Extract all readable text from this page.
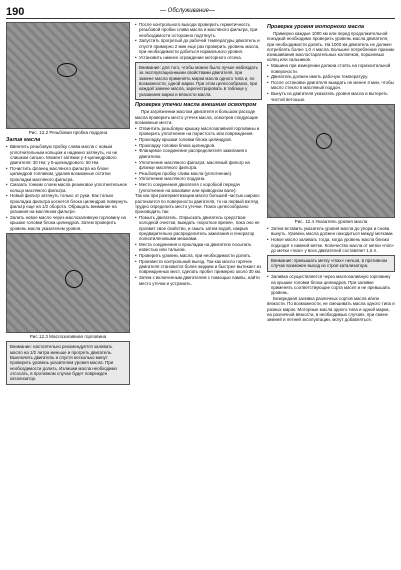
190	— Обслуживание—
Рис. 12.2 Резьбовая пробка поддона
Залив масла

• Ввинтить резьбовую пробку слива масла с новым уплотнительным кольцом и надежно затянуть, но не слишком сильно. Момент затяжки у 4-цилиндрового двигателя: 30 Нм; у 5-цилиндрового: 50 Нм.

• Почистить фланец масляного фильтра на блоке цилиндров топливом, удалив возможные остатки прокладки масляного фильтра.

• Смазать тонким слоем масла резиновое уплотнительное кольцо масляного фильтра.

• Новый фильтр затянуть только от руки. Как только прокладка фильтра коснется блока цилиндров повернуть фильтр еще на 1/2 оборота. Обращать внимание на указания на масляном фильтре.

• Залить новое масло через маслозаливную горловину на крышке головки блока цилиндров. Затем проверить уровень масла указателем уровня.

Рис.12.3 Маслозаливная горловина

Внимание: настоятельно рекомендуется заливать масло на 1/2 литра меньше и прогреть двигатель. Выключить двигатель и спустя несколько минут проверить уровень указателем уровня масла. При необходимости долить. Излишки масла необходимо отсосать, в противном случае будет поврежден катализатор.

• После контрольного выхода проверить герметичность резьбовой пробки слива масла и масляного фильтра, при необходимости осторожно подтянуть.

• Запустить прогретый до рабочей температуры двигатель и спустя примерно 2 мин еще раз проверить уровень масла, при необходимости добиться нормального уровня.

• Установить нижнее ограждение моторного отсека.

Внимание: для того, чтобы можно было лучше наблюдать за эксплуатационными свойствами двигателя, при замене масла применять марки масла одного типа и, по возможности, одной марки. При этом целесообразно, при каждой замене масла, зарегистрировать в таблице у указанием марки и вязкости масла.

Проверка утечки масла внешним осмотром

При загрязнении маслом двигателя и большом расходе масла проверить место утечек масла, осмотрев следующие возможные места:

• Отвинтить резьбовую крышку маслозаливной горловины и проверить уплотнение на пористость или повреждения.

• Прокладку крышки головки блока цилиндров.

• Прокладку головки блока цилиндров.

• Фланцевое соединение распределителя зажигания к двигателю.

• Уплотнение масляного фильтра: масляный фильтр на фланце масляного фильтра.

• Резьбовую пробку слива масла (уплотнение).

• Уплотнение масляного поддона.

• Место соединения двигателя с коробкой передач (уплотнение на маховике или приводном вале).

Так как при разгерметизации масло большей частью широко растекается по поверхности двигателя, то на первый взгляд трудно определить место утечки. Поиск целесообразно производить так:

• Помыть двигатель. Опрыскать двигатель средством холодной очистки, выждать «короткое время», пока оно не проявит свое свойство, и смыть затем водой, накрыв предварительно распределитель зажигания и генератор полиэтиленовыми мешками.

• Места соединения и прокладки на двигателе посыпать известью или тальком.

• Проверить уровень масла, при необходимости долить.

• Произвести контрольный выезд. Так как масло горячее двигателя становится более жидким и быстрее вытекает из поврежденных мест, сделать пробег примерно около 30 км.

• Затем с включенным двигателем с помощью лампы, найти место утечки и устранить.

Проверка уровня моторного масла

Примерно каждые 1000 км или перед продолжительной поездкой необходимо проверить уровень масла двигателя, при необходимости долить. На 1000 км двигатель не должен потреблять более 1,0 л масла. Большее потребление признак изнашивания маслостарательных колпачков, поршневых колец или сальников.

• Машина при измерении должна стоять на горизонтальной поверхности.

• Двигатель должен иметь рабочую температуру.

• После остановки двигателя выждать не менее 3 мин, чтобы масло стекло в масляный поддон.

• Вынуть из двигателя указатель уровня масла и вытереть чистой ветошью.

Рис. 12.4 Указатель уровня масла

• Затем вставить указатель уровня масла до упора и снова вынуть. Уровень масла должен находиться между метками.

• Новое масло заливать тогда, когда уровень масла близко подходит к нижней метке. Количество масла от метки «min» до метки «max» у всех двигателей составляет 1,5 л.

Внимание: превышать метку «max» нельзя, в противном случае возможен выход из строя катализатора.

• Заливка осуществляется через маслозаливную горловину на крышке головки блока цилиндров. При заливке применять соответствующие сорта масел и не превышать уровень.

Безвредная заливка различных сортов масла и/или вязкости. По возможности, не смешивать масла одного типа и разных марок. Моторные масла одного типа и одной марки, на различной вязкости, в необходимых случаях, при смене зимней и летней эксплуатации, могут добавляться.
